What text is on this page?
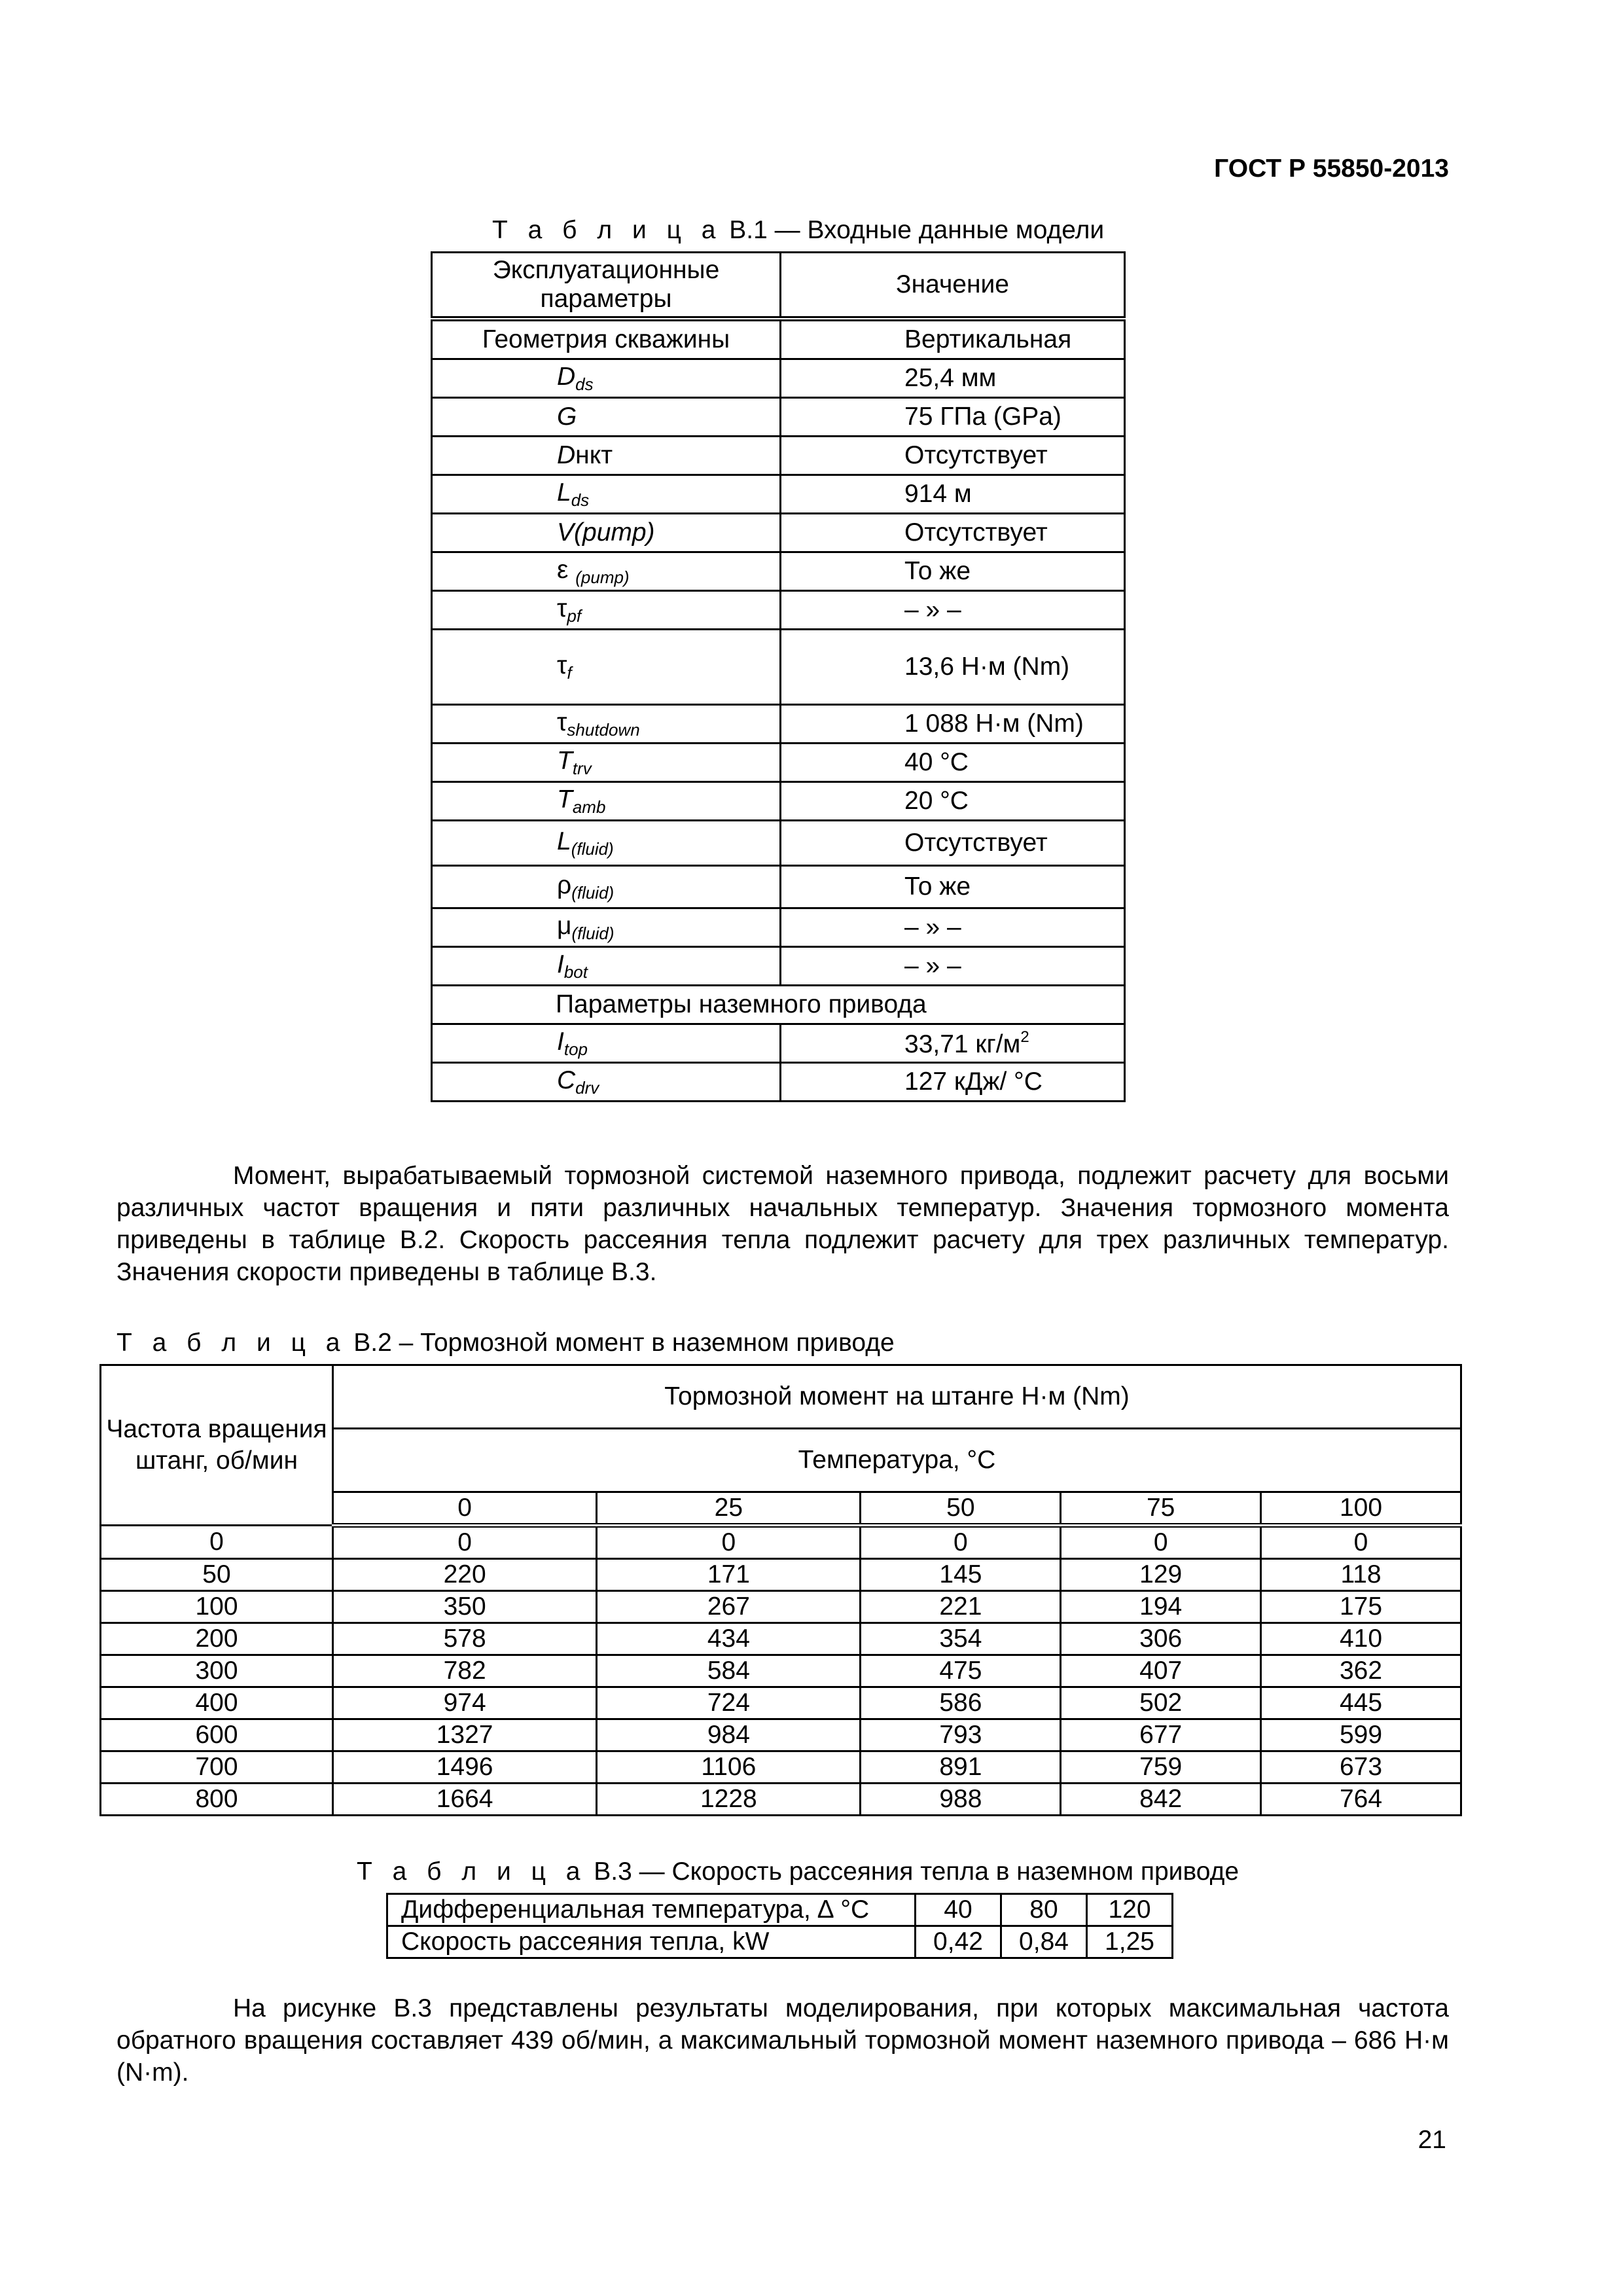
ГОСТ Р 55850-2013
Т а б л и ц а В.1 — Входные данные модели
Эксплуатационные параметры	Значение
Геометрия скважины	Вертикальная
$D_{ds}$	25,4 мм
G	75 ГПа (GPa)
Dнкт	Отсутствует
$L_{ds}$	914 м
V(pump)	Отсутствует
ε $_{(pump)}$	То же
$\tau_{pf}$	– » –
$\tau_f$	13,6 Н·м (Nm)
$\tau_{shutdown}$	1 088 Н·м (Nm)
$T_{trv}$	40 °С
$T_{amb}$	20 °С
$L_{(fluid)}$	Отсутствует
$\rho_{(fluid)}$	То же
$\mu_{(fluid)}$	– » –
$I_{bot}$	– » –
Параметры наземного привода	
$I_{top}$	33,71 $кг/м^2$
$C_{drv}$	127 кДж/ °С

Момент, вырабатываемый тормозной системой наземного привода, подлежит расчету для восьми различных частот вращения и пяти различных начальных температур. Значения тормозного момента приведены в таблице В.2. Скорость рассеяния тепла подлежит расчету для трех различных температур. Значения скорости приведены в таблице В.3.

Т а б л и ц а В.2 – Тормозной момент в наземном приводе
Частота вращения штанг, об/мин	Тормозной момент на штанге Н·м (Nm)				
	Температура, °С				
	0	25	50	75	100
0	0	0	0	0	0
50	220	171	145	129	118
100	350	267	221	194	175
200	578	434	354	306	410
300	782	584	475	407	362
400	974	724	586	502	445
600	1327	984	793	677	599
700	1496	1106	891	759	673
800	1664	1228	988	842	764
Т а б л и ц а В.3 — Скорость рассеяния тепла в наземном приводе
Дифференциальная температура, ∆ °С	40	80	120
Скорость рассеяния тепла, kW	0,42	0,84	1,25

На рисунке В.3 представлены результаты моделирования, при которых максимальная частота обратного вращения составляет 439 об/мин, а максимальный тормозной момент наземного привода – 686 Н·м (N·m).

21
